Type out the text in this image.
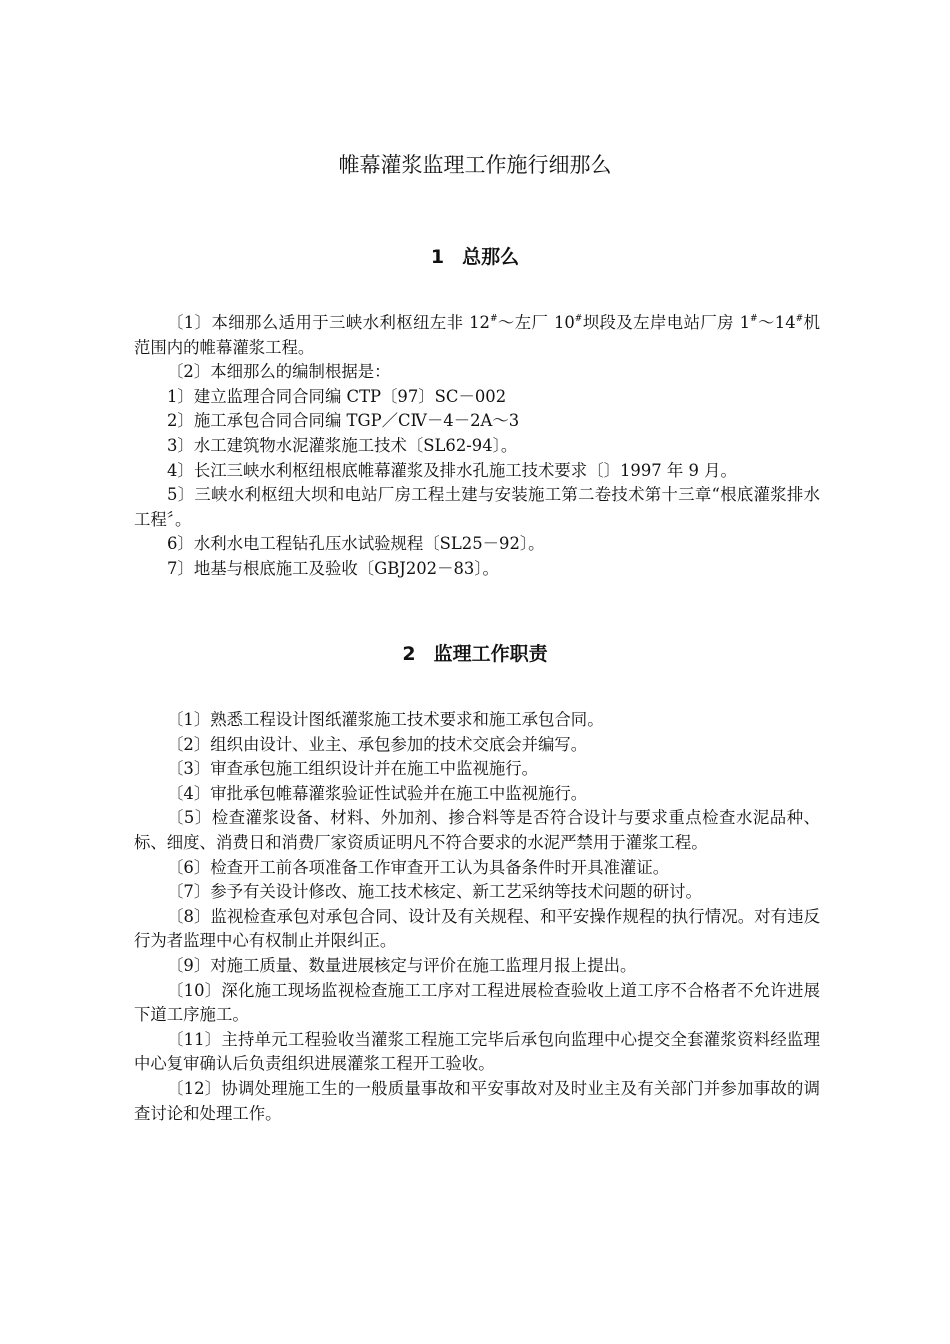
帷幕灌浆监理工作施行细那么
1 总那么

〔1〕本细那么适用于三峡水利枢纽左非 12#～左厂 10#坝段及左岸电站厂房 1#～14#机范围内的帷幕灌浆工程。

〔2〕本细那么的编制根据是：

1〕建立监理合同合同编 CTP〔97〕SC－002

2〕施工承包合同合同编 TGP／CⅣ－4－2A～3

3〕水工建筑物水泥灌浆施工技术〔SL62-94〕。

4〕长江三峡水利枢纽根底帷幕灌浆及排水孔施工技术要求〔〕1997 年 9 月。

5〕三峡水利枢纽大坝和电站厂房工程土建与安装施工第二卷技术第十三章“根底灌浆排水工程〞。

6〕水利水电工程钻孔压水试验规程〔SL25－92〕。

7〕地基与根底施工及验收〔GBJ202－83〕。

2 监理工作职责

〔1〕熟悉工程设计图纸灌浆施工技术要求和施工承包合同。

〔2〕组织由设计、业主、承包参加的技术交底会并编写。

〔3〕审查承包施工组织设计并在施工中监视施行。

〔4〕审批承包帷幕灌浆验证性试验并在施工中监视施行。

〔5〕检查灌浆设备、材料、外加剂、掺合料等是否符合设计与要求重点检查水泥品种、标、细度、消费日和消费厂家资质证明凡不符合要求的水泥严禁用于灌浆工程。

〔6〕检查开工前各项准备工作审查开工认为具备条件时开具准灌证。

〔7〕参予有关设计修改、施工技术核定、新工艺采纳等技术问题的研讨。

〔8〕监视检查承包对承包合同、设计及有关规程、和平安操作规程的执行情况。对有违反行为者监理中心有权制止并限纠正。

〔9〕对施工质量、数量进展核定与评价在施工监理月报上提出。

〔10〕深化施工现场监视检查施工工序对工程进展检查验收上道工序不合格者不允许进展下道工序施工。

〔11〕主持单元工程验收当灌浆工程施工完毕后承包向监理中心提交全套灌浆资料经监理中心复审确认后负责组织进展灌浆工程开工验收。

〔12〕协调处理施工生的一般质量事故和平安事故对及时业主及有关部门并参加事故的调查讨论和处理工作。
